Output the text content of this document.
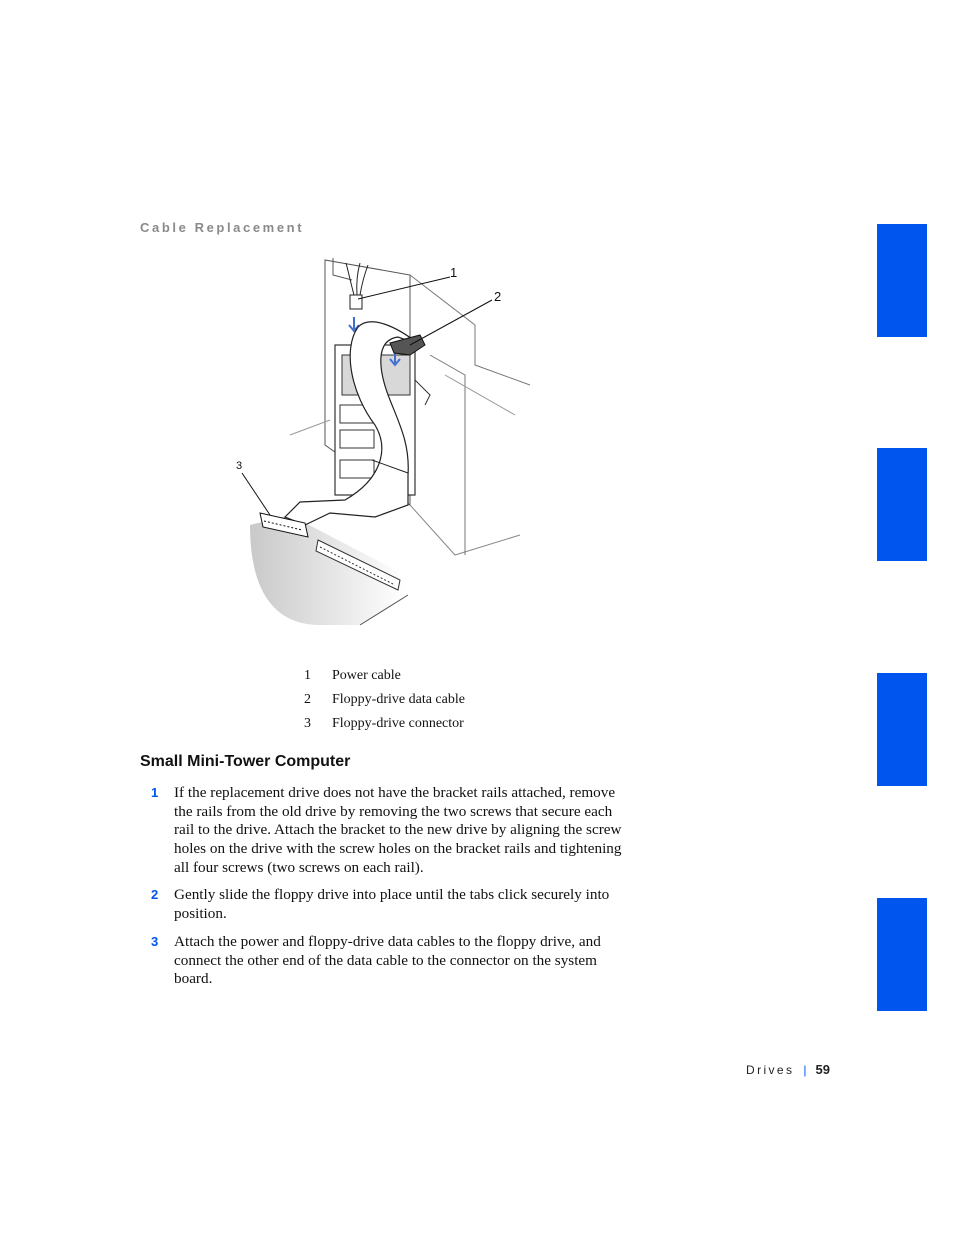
Cable Replacement
1
2
3
1 Power cable
2 Floppy-drive data cable
3 Floppy-drive connector
Small Mini-Tower Computer
1 If the replacement drive does not have the bracket rails attached, remove the rails from the old drive by removing the two screws that secure each rail to the drive. Attach the bracket to the new drive by aligning the screw holes on the drive with the screw holes on the bracket rails and tightening all four screws (two screws on each rail).
2 Gently slide the floppy drive into place until the tabs click securely into position.
3 Attach the power and floppy-drive data cables to the floppy drive, and connect the other end of the data cable to the connector on the system board.
Drives | 59
